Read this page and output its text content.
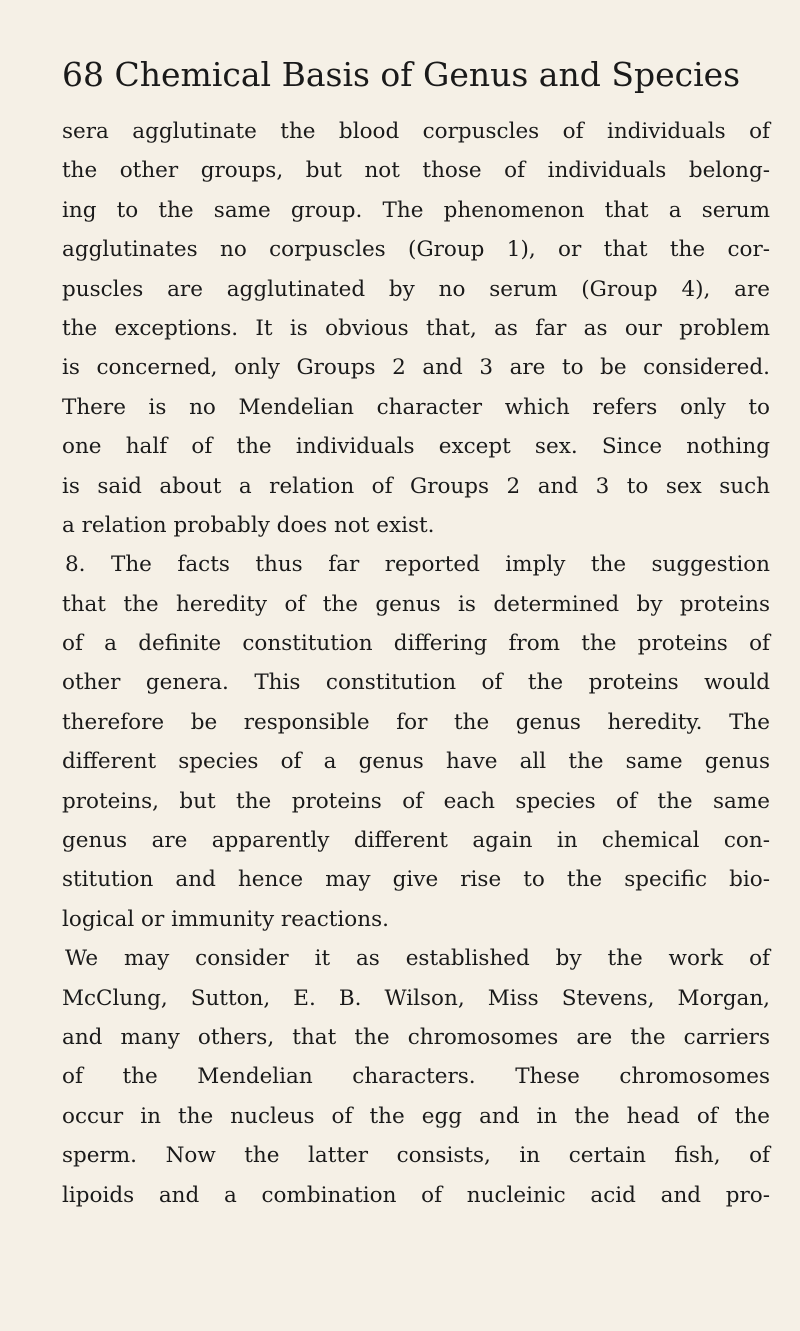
68 Chemical Basis of Genus and Species
sera agglutinate the blood corpuscles of individuals of
the other groups, but not those of individuals belong-
ing to the same group. The phenomenon that a serum
agglutinates no corpuscles (Group 1), or that the cor-
puscles are agglutinated by no serum (Group 4), are
the exceptions. It is obvious that, as far as our problem
is concerned, only Groups 2 and 3 are to be considered.
There is no Mendelian character which refers only to
one half of the individuals except sex. Since nothing
is said about a relation of Groups 2 and 3 to sex such
a relation probably does not exist.
8. The facts thus far reported imply the suggestion
that the heredity of the genus is determined by proteins
of a definite constitution differing from the proteins of
other genera. This constitution of the proteins would
therefore be responsible for the genus heredity. The
different species of a genus have all the same genus
proteins, but the proteins of each species of the same
genus are apparently different again in chemical con-
stitution and hence may give rise to the specific bio-
logical or immunity reactions.
We may consider it as established by the work of
McClung, Sutton, E. B. Wilson, Miss Stevens, Morgan,
and many others, that the chromosomes are the carriers
of the Mendelian characters. These chromosomes
occur in the nucleus of the egg and in the head of the
sperm. Now the latter consists, in certain fish, of
lipoids and a combination of nucleinic acid and pro-
